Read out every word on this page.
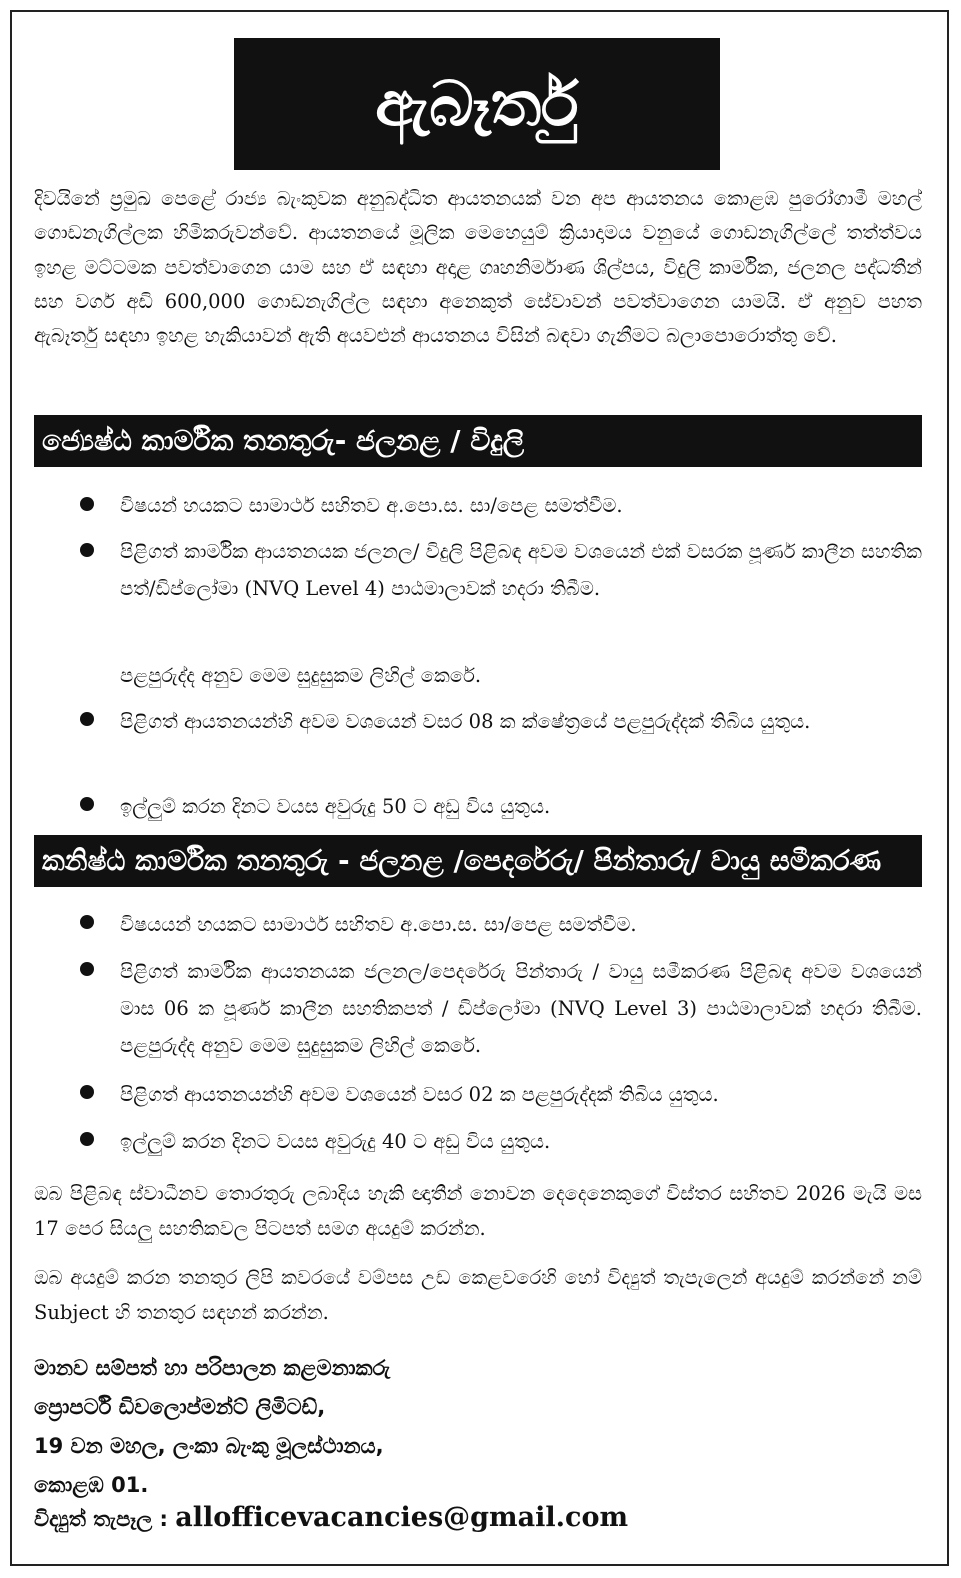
ඇබෑර්තු
දිවයිනේ ප්‍රමුඛ පෙළේ රාජ්‍ය බැංකුවක අනුබද්ධිත ආයතනයක් වන අප ආයතනය කොළඹ පුරෝගාමී මහල් ගොඩනැගිල්ලක හිමිකරුවන්වේ. ආයතනයේ මූලික මෙහෙයුම් ක්‍රියාදාමය වනුයේ ගොඩනැගිල්ලේ තත්ත්වය ඉහළ මට්ටමක පවත්වාගෙන යාම සහ ඒ සඳහා අදාළ ගෘහනිර්මාණ ශිල්පය, විදුලි කාර්මික, ජලනල පද්ධතීන් සහ වර්ග අඩි 600,000 ගොඩනැගිල්ල සඳහා අනෙකුත් සේවාවන් පවත්වාගෙන යාමයි. ඒ අනුව පහත ඇබෑර්තු සඳහා ඉහළ හැකියාවන් ඇති අයවළුන් ආයතනය විසින් බඳවා ගැනීමට බලාපොරොත්තු වේ.
ජ්‍යෙෂ්ඨ කාර්මික තනතුරු- ජලනළ / විදුලි
විෂයන් හයකට සාමාර්ථ සහිතව අ.පො.ස. සා/පෙළ සමත්වීම.
පිළිගත් කාර්මික ආයතනයක ජලනල/ විදුලි පිළිබඳ අවම වශයෙන් එක් වසරක පූර්ණ කාලීන සහතික පත්/ඩිප්ලෝමා (NVQ Level 4) පාඨමාලාවක් හදරා තිබීම.
පළපුරුද්ද අනුව මෙම සුදුසුකම ලිහිල් කෙරේ.
පිළිගත් ආයතනයන්හි අවම වශයෙන් වසර 08 ක ක්ෂේත්‍රයේ පළපුරුද්දක් තිබිය යුතුය.
ඉල්ලුම් කරන දිනට වයස අවුරුදු 50 ට අඩු විය යුතුය.
කනිෂ්ඨ කාර්මික තනතුරු - ජලනළ /පෙදරේරු/ පින්තාරු/ වායු සමීකරණ
විෂයයන් හයකට සාමාර්ථ සහිතව අ.පො.ස. සා/පෙළ සමත්වීම.
පිළිගත් කාර්මික ආයතනයක ජලනල/පෙදරේරු පින්තාරු / වායු සමීකරණ පිළිබඳ අවම වශයෙන් මාස 06 ක පූර්ණ කාලීන සහතිකපත් / ඩිප්ලෝමා (NVQ Level 3) පාඨමාලාවක් හදරා තිබීම. පළපුරුද්ද අනුව මෙම සුදුසුකම ලිහිල් කෙරේ.
පිළිගත් ආයතනයන්හි අවම වශයෙන් වසර 02 ක පළපුරුද්දක් තිබිය යුතුය.
ඉල්ලුම් කරන දිනට වයස අවුරුදු 40 ට අඩු විය යුතුය.
ඔබ පිළිබඳ ස්වාධීනව තොරතුරු ලබාදිය හැකි ඥාතීන් නොවන දෙදෙනෙකුගේ විස්තර සහිතව 2026 මැයි මස 17 පෙර සියලු සහතිකවල පිටපත් සමග අයදුම් කරන්න.
ඔබ අයදුම් කරන තනතුර ලිපි කවරයේ වම්පස උඩ කෙළවරෙහි හෝ විද්‍යුත් තැපැලෙන් අයදුම් කරන්නේ නම් Subject හි තනතුර සඳහන් කරන්න.
මානව සම්පත් හා පරිපාලන කළමනාකරු
ප්‍රොපර්ටි ඩිවලොප්මන්ට් ලිමිටඩ්,
19 වන මහල, ලංකා බැංකු මූලස්ථානය,
කොළඹ 01.
විද්‍යුත් තැපෑල : allofficevacancies@gmail.com
